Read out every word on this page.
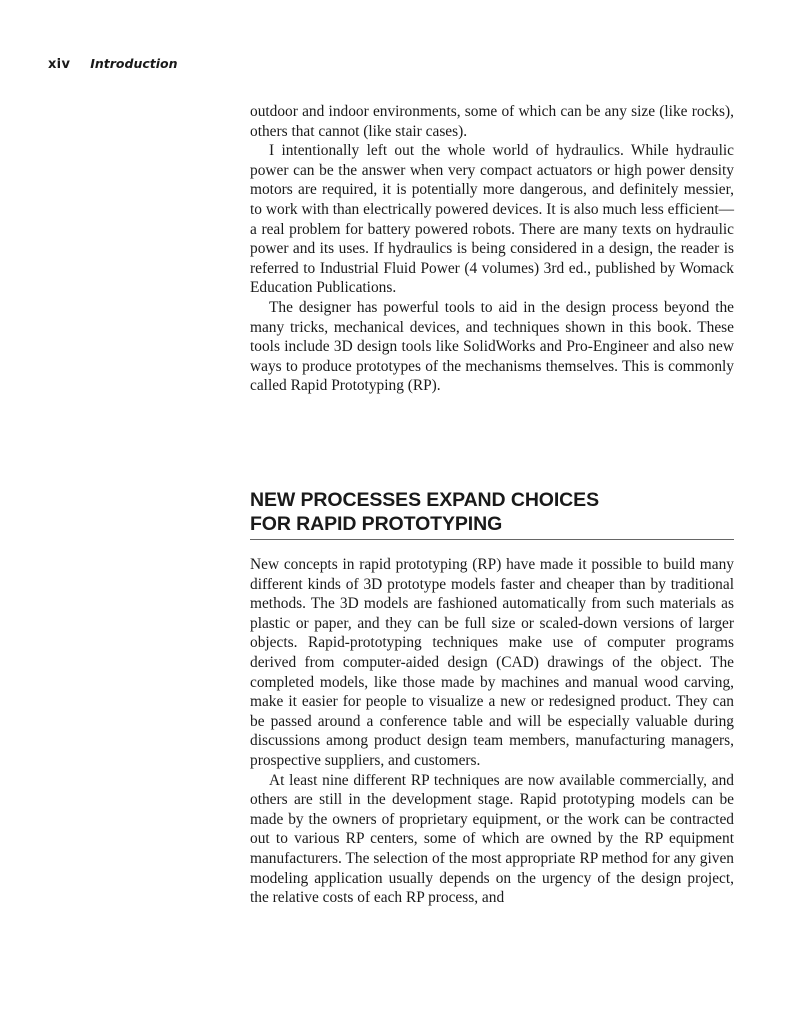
xiv Introduction

outdoor and indoor environments, some of which can be any size (like rocks), others that cannot (like stair cases).

I intentionally left out the whole world of hydraulics. While hydraulic power can be the answer when very compact actuators or high power density motors are required, it is potentially more dangerous, and definitely messier, to work with than electrically powered devices. It is also much less efficient—a real problem for battery powered robots. There are many texts on hydraulic power and its uses. If hydraulics is being considered in a design, the reader is referred to Industrial Fluid Power (4 volumes) 3rd ed., published by Womack Education Publications.

The designer has powerful tools to aid in the design process beyond the many tricks, mechanical devices, and techniques shown in this book. These tools include 3D design tools like SolidWorks and Pro-Engineer and also new ways to produce prototypes of the mechanisms themselves. This is commonly called Rapid Prototyping (RP).

NEW PROCESSES EXPAND CHOICES
FOR RAPID PROTOTYPING

New concepts in rapid prototyping (RP) have made it possible to build many different kinds of 3D prototype models faster and cheaper than by traditional methods. The 3D models are fashioned automatically from such materials as plastic or paper, and they can be full size or scaled-down versions of larger objects. Rapid-prototyping techniques make use of computer programs derived from computer-aided design (CAD) drawings of the object. The completed models, like those made by machines and manual wood carving, make it easier for people to visualize a new or redesigned product. They can be passed around a conference table and will be especially valuable during discussions among product design team members, manufacturing managers, prospective suppliers, and customers.

At least nine different RP techniques are now available commercially, and others are still in the development stage. Rapid prototyping models can be made by the owners of proprietary equipment, or the work can be contracted out to various RP centers, some of which are owned by the RP equipment manufacturers. The selection of the most appropriate RP method for any given modeling application usually depends on the urgency of the design project, the relative costs of each RP process, and
